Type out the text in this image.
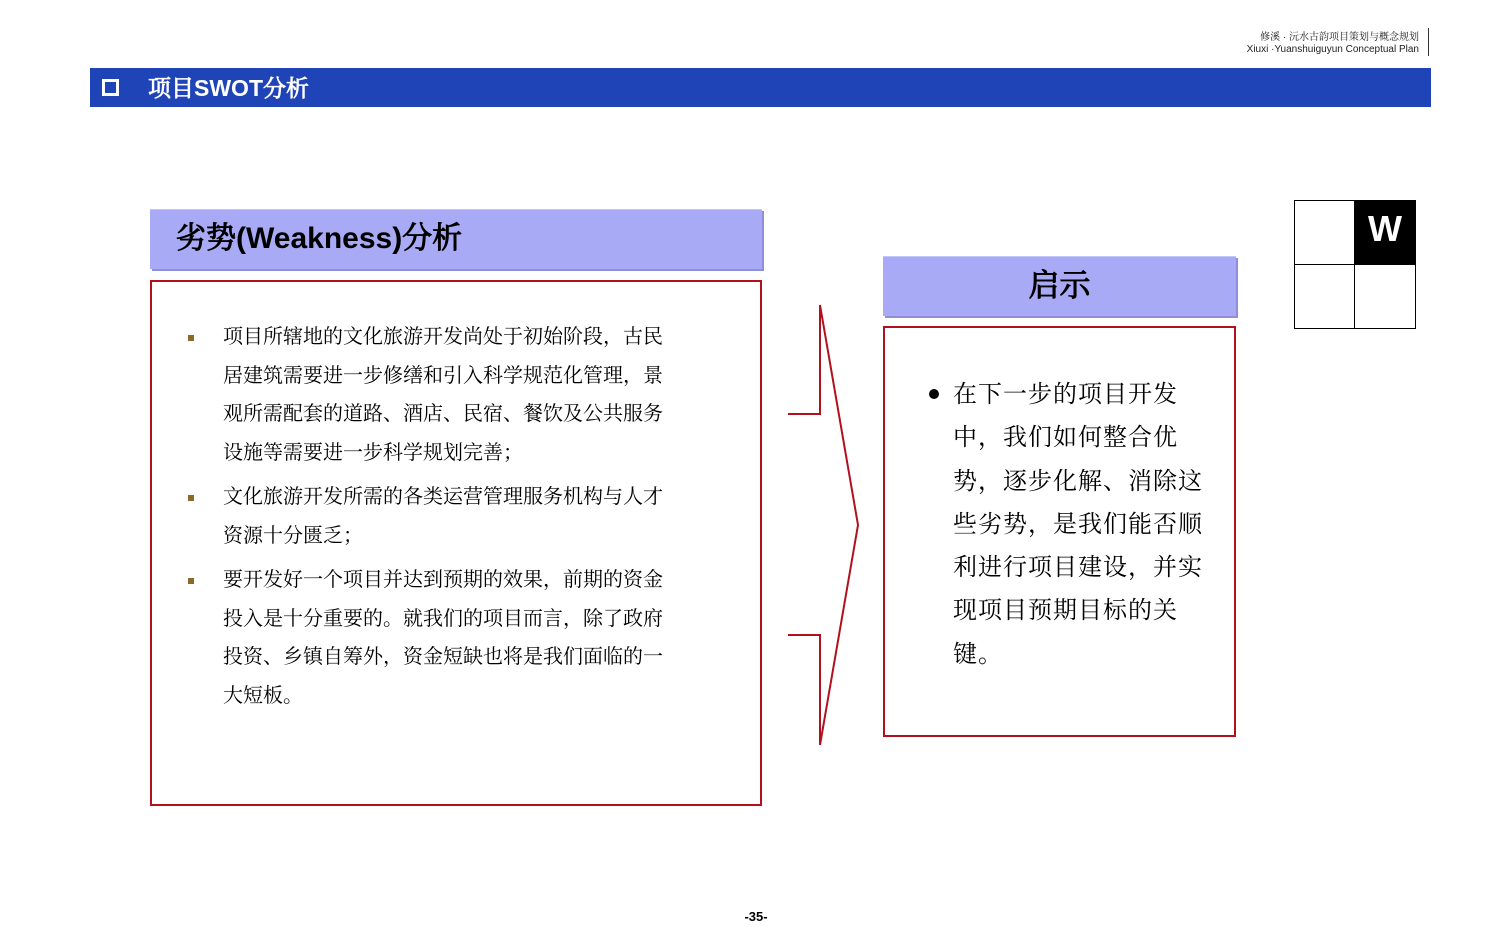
修溪 · 沅水古韵项目策划与概念规划
Xiuxi ·Yuanshuiguyun Conceptual Plan
项目SWOT分析
劣势(Weakness)分析
项目所辖地的文化旅游开发尚处于初始阶段，古民居建筑需要进一步修缮和引入科学规范化管理，景观所需配套的道路、酒店、民宿、餐饮及公共服务设施等需要进一步科学规划完善；
文化旅游开发所需的各类运营管理服务机构与人才资源十分匮乏；
要开发好一个项目并达到预期的效果，前期的资金投入是十分重要的。就我们的项目而言，除了政府投资、乡镇自筹外，资金短缺也将是我们面临的一大短板。
启示
在下一步的项目开发中，我们如何整合优势，逐步化解、消除这些劣势，是我们能否顺利进行项目建设，并实现项目预期目标的关键。
W
-35-
